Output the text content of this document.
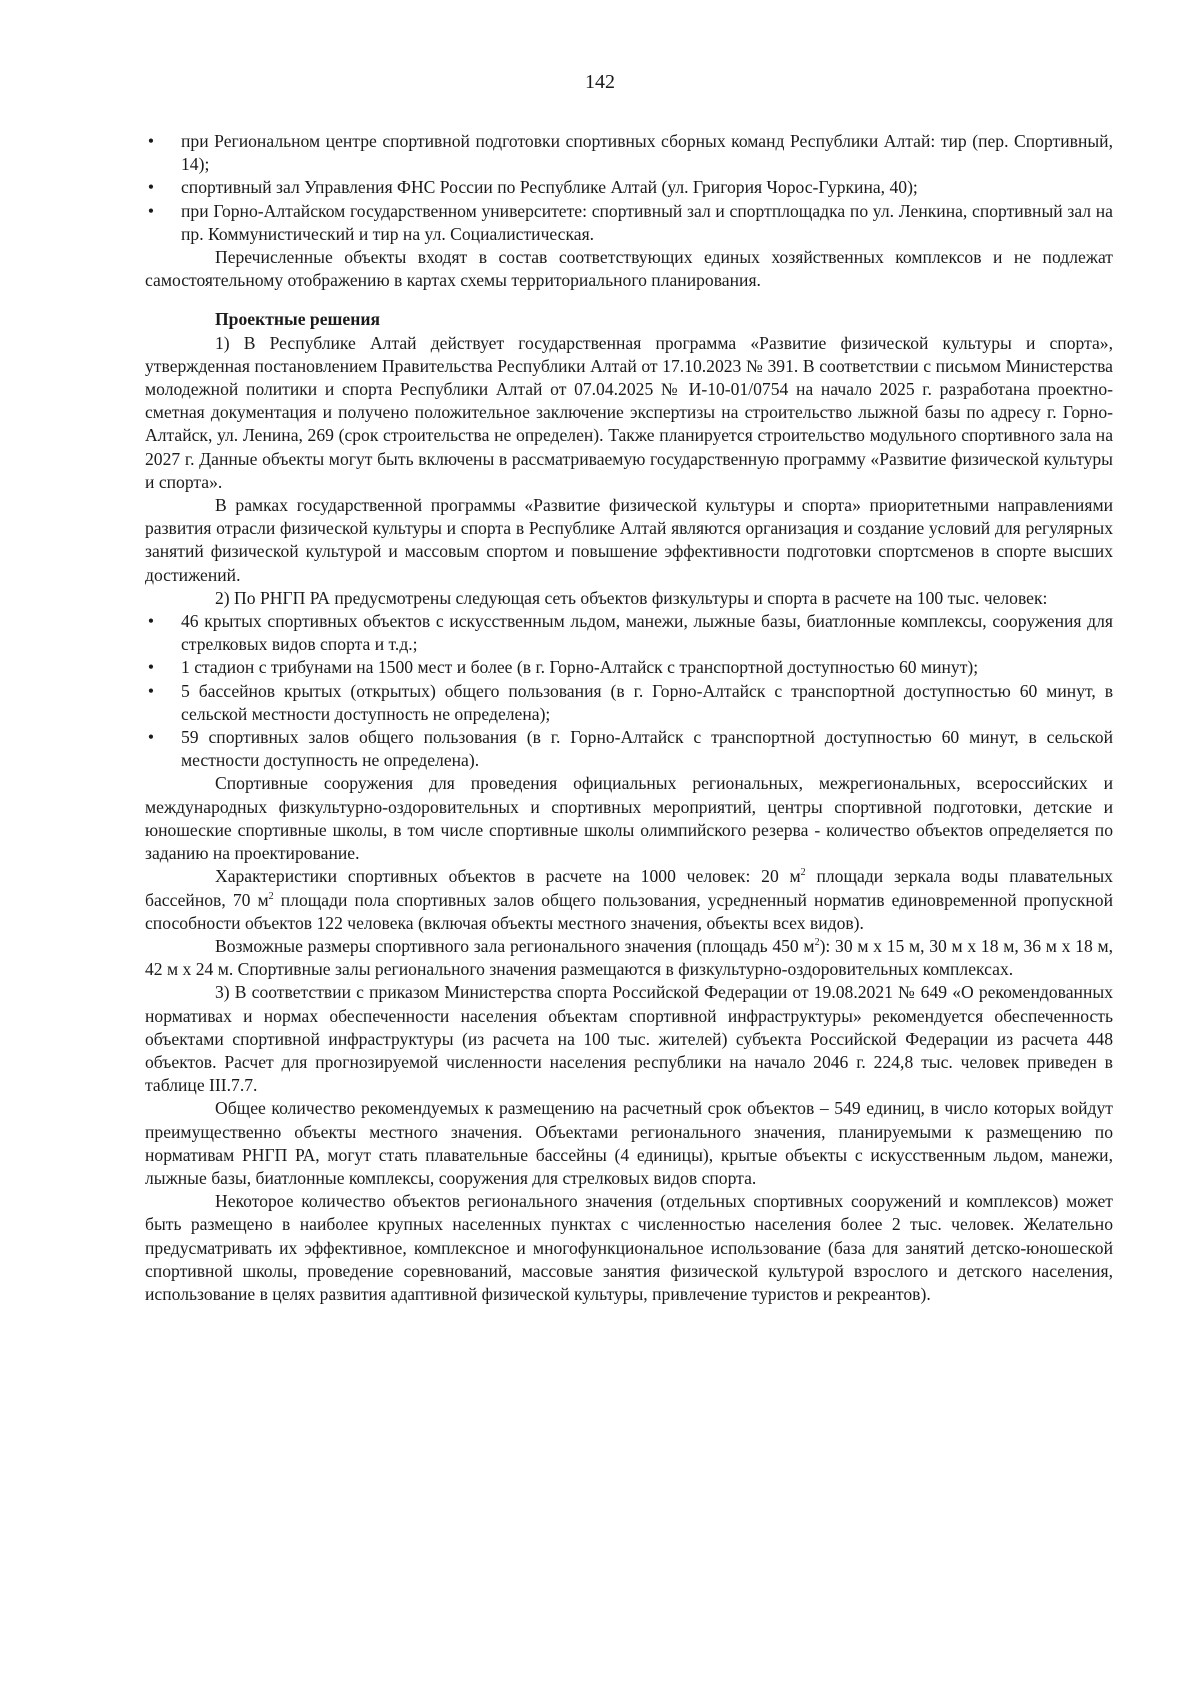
142
• при Региональном центре спортивной подготовки спортивных сборных команд Республики Алтай: тир (пер. Спортивный, 14);
• спортивный зал Управления ФНС России по Республике Алтай (ул. Григория Чорос-Гуркина, 40);
• при Горно-Алтайском государственном университете: спортивный зал и спортплощадка по ул. Ленкина, спортивный зал на пр. Коммунистический и тир на ул. Социалистическая.

Перечисленные объекты входят в состав соответствующих единых хозяйственных комплексов и не подлежат самостоятельному отображению в картах схемы территориального планирования.

Проектные решения

1) В Республике Алтай действует государственная программа «Развитие физической культуры и спорта», утвержденная постановлением Правительства Республики Алтай от 17.10.2023 № 391. В соответствии с письмом Министерства молодежной политики и спорта Республики Алтай от 07.04.2025 № И-10-01/0754 на начало 2025 г. разработана проектно-сметная документация и получено положительное заключение экспертизы на строительство лыжной базы по адресу г. Горно-Алтайск, ул. Ленина, 269 (срок строительства не определен). Также планируется строительство модульного спортивного зала на 2027 г. Данные объекты могут быть включены в рассматриваемую государственную программу «Развитие физической культуры и спорта».

В рамках государственной программы «Развитие физической культуры и спорта» приоритетными направлениями развития отрасли физической культуры и спорта в Республике Алтай являются организация и создание условий для регулярных занятий физической культурой и массовым спортом и повышение эффективности подготовки спортсменов в спорте высших достижений.

2) По РНГП РА предусмотрены следующая сеть объектов физкультуры и спорта в расчете на 100 тыс. человек:

• 46 крытых спортивных объектов с искусственным льдом, манежи, лыжные базы, биатлонные комплексы, сооружения для стрелковых видов спорта и т.д.;
• 1 стадион с трибунами на 1500 мест и более (в г. Горно-Алтайск с транспортной доступностью 60 минут);
• 5 бассейнов крытых (открытых) общего пользования (в г. Горно-Алтайск с транспортной доступностью 60 минут, в сельской местности доступность не определена);
• 59 спортивных залов общего пользования (в г. Горно-Алтайск с транспортной доступностью 60 минут, в сельской местности доступность не определена).

Спортивные сооружения для проведения официальных региональных, межрегиональных, всероссийских и международных физкультурно-оздоровительных и спортивных мероприятий, центры спортивной подготовки, детские и юношеские спортивные школы, в том числе спортивные школы олимпийского резерва - количество объектов определяется по заданию на проектирование.

Характеристики спортивных объектов в расчете на 1000 человек: 20 $м^2$ площади зеркала воды плавательных бассейнов, 70 $м^2$ площади пола спортивных залов общего пользования, усредненный норматив единовременной пропускной способности объектов 122 человека (включая объекты местного значения, объекты всех видов).

Возможные размеры спортивного зала регионального значения (площадь 450 $м^2$): 30 м х 15 м, 30 м х 18 м, 36 м х 18 м, 42 м х 24 м. Спортивные залы регионального значения размещаются в физкультурно-оздоровительных комплексах.

3) В соответствии с приказом Министерства спорта Российской Федерации от 19.08.2021 № 649 «О рекомендованных нормативах и нормах обеспеченности населения объектам спортивной инфраструктуры» рекомендуется обеспеченность объектами спортивной инфраструктуры (из расчета на 100 тыс. жителей) субъекта Российской Федерации из расчета 448 объектов. Расчет для прогнозируемой численности населения республики на начало 2046 г. 224,8 тыс. человек приведен в таблице III.7.7.

Общее количество рекомендуемых к размещению на расчетный срок объектов – 549 единиц, в число которых войдут преимущественно объекты местного значения. Объектами регионального значения, планируемыми к размещению по нормативам РНГП РА, могут стать плавательные бассейны (4 единицы), крытые объекты с искусственным льдом, манежи, лыжные базы, биатлонные комплексы, сооружения для стрелковых видов спорта.

Некоторое количество объектов регионального значения (отдельных спортивных сооружений и комплексов) может быть размещено в наиболее крупных населенных пунктах с численностью населения более 2 тыс. человек. Желательно предусматривать их эффективное, комплексное и многофункциональное использование (база для занятий детско-юношеской спортивной школы, проведение соревнований, массовые занятия физической культурой взрослого и детского населения, использование в целях развития адаптивной физической культуры, привлечение туристов и рекреантов).
